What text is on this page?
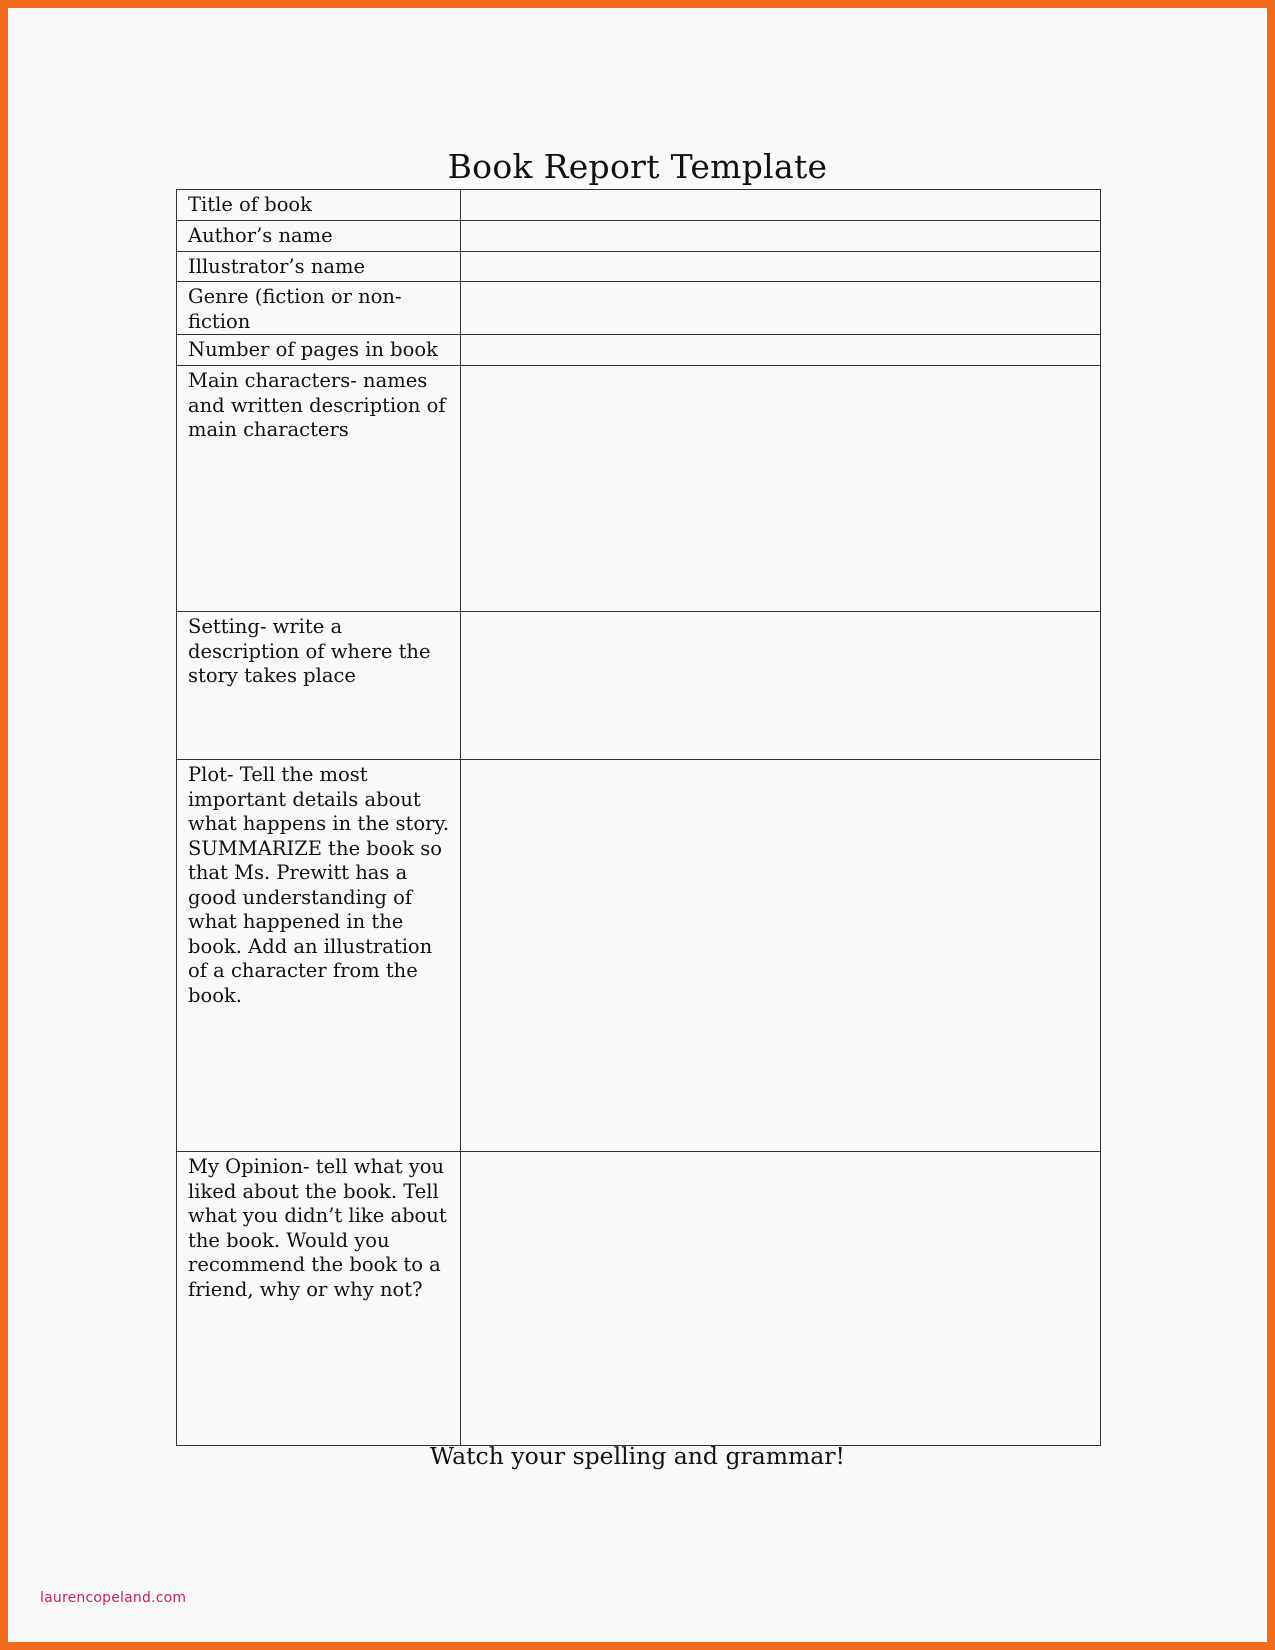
Book Report Template
Title of book	
Author’s name	
Illustrator’s name	
Genre (fiction or non-fiction	
Number of pages in book	
Main characters- names and written description of main characters	
Setting- write a description of where the story takes place	
Plot- Tell the most important details about what happens in the story. SUMMARIZE the book so that Ms. Prewitt has a good understanding of what happened in the book. Add an illustration of a character from the book.	
My Opinion- tell what you liked about the book. Tell what you didn’t like about the book. Would you recommend the book to a friend, why or why not?	
Watch your spelling and grammar!
laurencopeland.com
